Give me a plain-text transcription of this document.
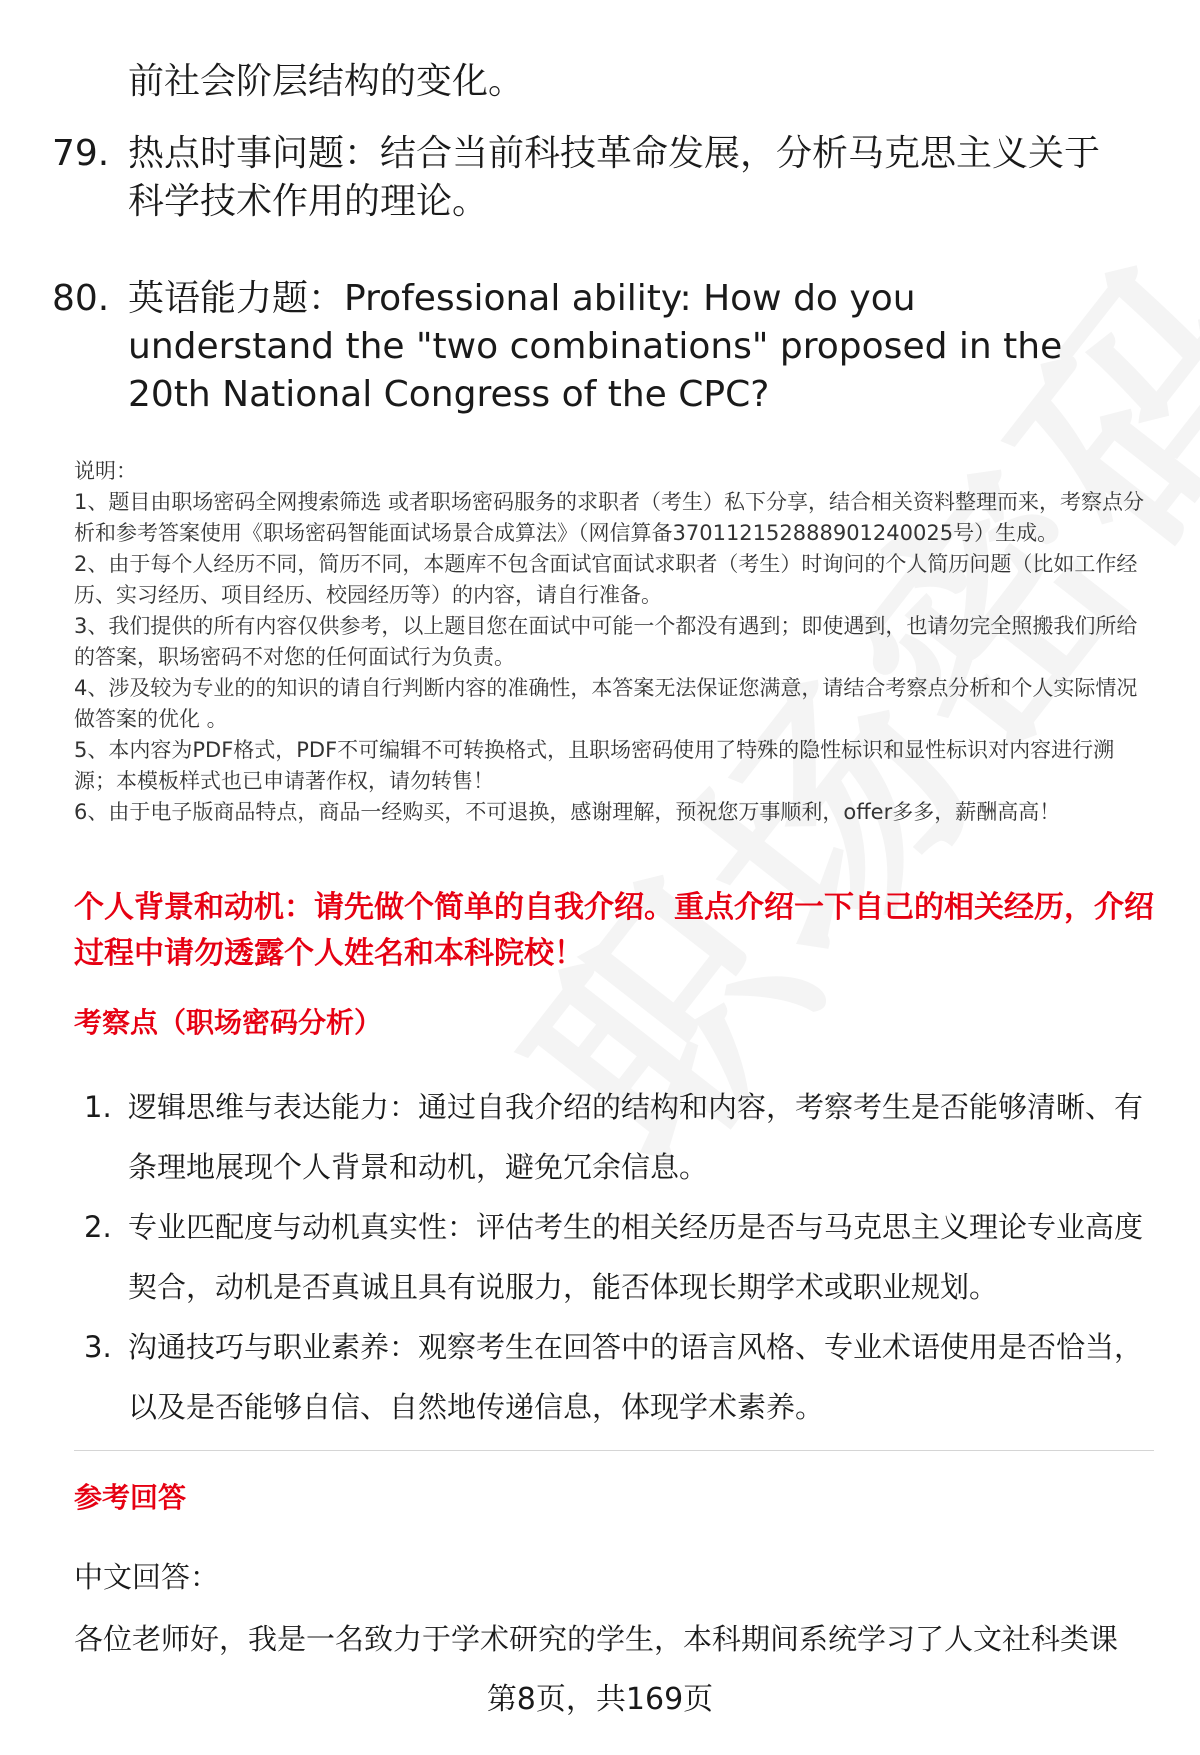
前社会阶层结构的变化。
79. 热点时事问题：结合当前科技革命发展，分析马克思主义关于科学技术作用的理论。
80. 英语能力题：Professional ability: How do you understand the "two combinations" proposed in the 20th National Congress of the CPC?

说明：

1、题目由职场密码全网搜索筛选 或者职场密码服务的求职者（考生）私下分享，结合相关资料整理而来，考察点分析和参考答案使用《职场密码智能面试场景合成算法》（网信算备370112152888901240025号）生成。

2、由于每个人经历不同，简历不同，本题库不包含面试官面试求职者（考生）时询问的个人简历问题（比如工作经历、实习经历、项目经历、校园经历等）的内容，请自行准备。

3、我们提供的所有内容仅供参考，以上题目您在面试中可能一个都没有遇到；即使遇到，也请勿完全照搬我们所给的答案，职场密码不对您的任何面试行为负责。

4、涉及较为专业的的知识的请自行判断内容的准确性，本答案无法保证您满意，请结合考察点分析和个人实际情况做答案的优化 。

5、本内容为PDF格式，PDF不可编辑不可转换格式，且职场密码使用了特殊的隐性标识和显性标识对内容进行溯源；本模板样式也已申请著作权，请勿转售！

6、由于电子版商品特点，商品一经购买，不可退换，感谢理解，预祝您万事顺利，offer多多，薪酬高高！

个人背景和动机：请先做个简单的自我介绍。重点介绍一下自己的相关经历，介绍过程中请勿透露个人姓名和本科院校！
考察点（职场密码分析）
1. 逻辑思维与表达能力：通过自我介绍的结构和内容，考察考生是否能够清晰、有条理地展现个人背景和动机，避免冗余信息。
2. 专业匹配度与动机真实性：评估考生的相关经历是否与马克思主义理论专业高度契合，动机是否真诚且具有说服力，能否体现长期学术或职业规划。
3. 沟通技巧与职业素养：观察考生在回答中的语言风格、专业术语使用是否恰当，以及是否能够自信、自然地传递信息，体现学术素养。
参考回答
中文回答：
各位老师好，我是一名致力于学术研究的学生，本科期间系统学习了人文社科类课
第8页，共169页
